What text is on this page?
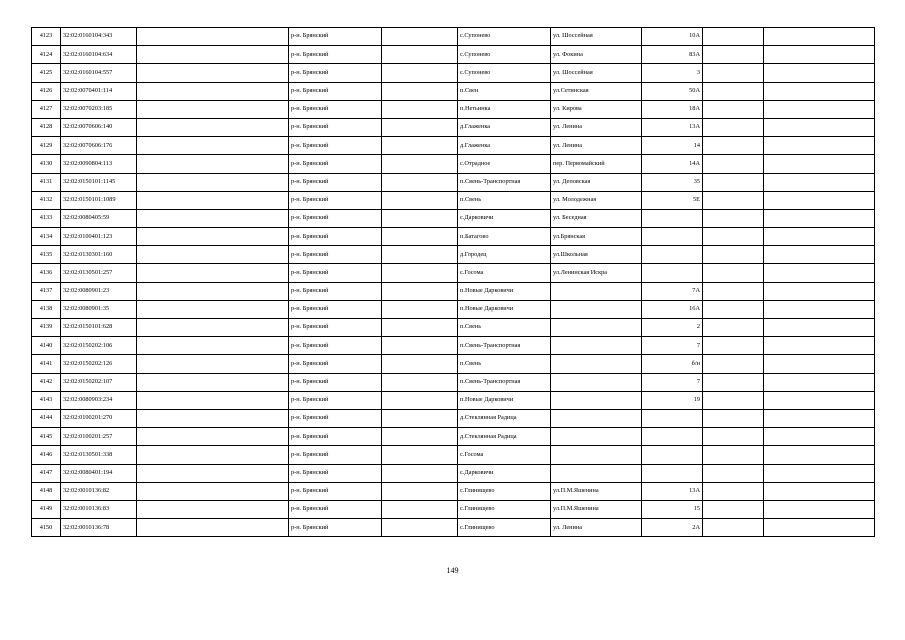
4123	32:02:0160104:343		р-н. Брянский		с.Супонево	ул. Шоссейная	10А		
4124	32:02:0160104:634		р-н. Брянский		с.Супонево	ул. Фокина	83А		
4125	32:02:0160104:557		р-н. Брянский		с.Супонево	ул. Шоссейная	3		
4126	32:02:0070401:114		р-н. Брянский		п.Свен	ул.Сетинская	50А		
4127	32:02:0070203:185		р-н. Брянский		п.Нетьинка	ул. Кирова	18А		
4128	32:02:0070606:140		р-н. Брянский		д.Глаженка	ул. Ленина	13А		
4129	32:02:0070606:176		р-н. Брянский		д.Глаженка	ул. Ленина	14		
4130	32:02:0090804:113		р-н. Брянский		с.Отрадное	пер. Первомайский	14А		
4131	32:02:0150101:1145		р-н. Брянский		п.Свень-Транспортная	ул. Деповская	35		
4132	32:02:0150101:1089		р-н. Брянский		п.Свень	ул. Молодежная	5Е		
4133	32:02:0080405:59		р-н. Брянский		с.Дарковичи	ул. Беседная			
4134	32:02:0100401:123		р-н. Брянский		п.Батагово	ул.Брянская			
4135	32:02:0130301:160		р-н. Брянский		д.Городец	ул.Школьная			
4136	32:02:0130501:257		р-н. Брянский		с.Госома	ул.Ленинская Искра			
4137	32:02:0080901:23		р-н. Брянский		п.Новые Дарковичи		7А		
4138	32:02:0080901:35		р-н. Брянский		п.Новые Дарковичи		16А		
4139	32:02:0150101:628		р-н. Брянский		п.Свень		2		
4140	32:02:0150202:106		р-н. Брянский		п.Свень-Транспортная		7		
4141	32:02:0150202:126		р-н. Брянский		п.Свень		б/н		
4142	32:02:0150202:107		р-н. Брянский		п.Свень-Транспортная		7		
4143	32:02:0080903:234		р-н. Брянский		п.Новые Дарковичи		19		
4144	32:02:0100201:270		р-н. Брянский		д.Стеклянная Радица				
4145	32:02:0100201:257		р-н. Брянский		д.Стеклянная Радица				
4146	32:02:0130501:338		р-н. Брянский		с.Госома				
4147	32:02:0080401:194		р-н. Брянский		с.Дарковичи				
4148	32:02:0010136:82		р-н. Брянский		с.Глинищево	ул.П.М.Яшенина	13А		
4149	32:02:0010136:83		р-н. Брянский		с.Глинищево	ул.П.М.Яшенина	15		
4150	32:02:0010136:78		р-н. Брянский		с.Глинищево	ул. Ленина	2А		
149
